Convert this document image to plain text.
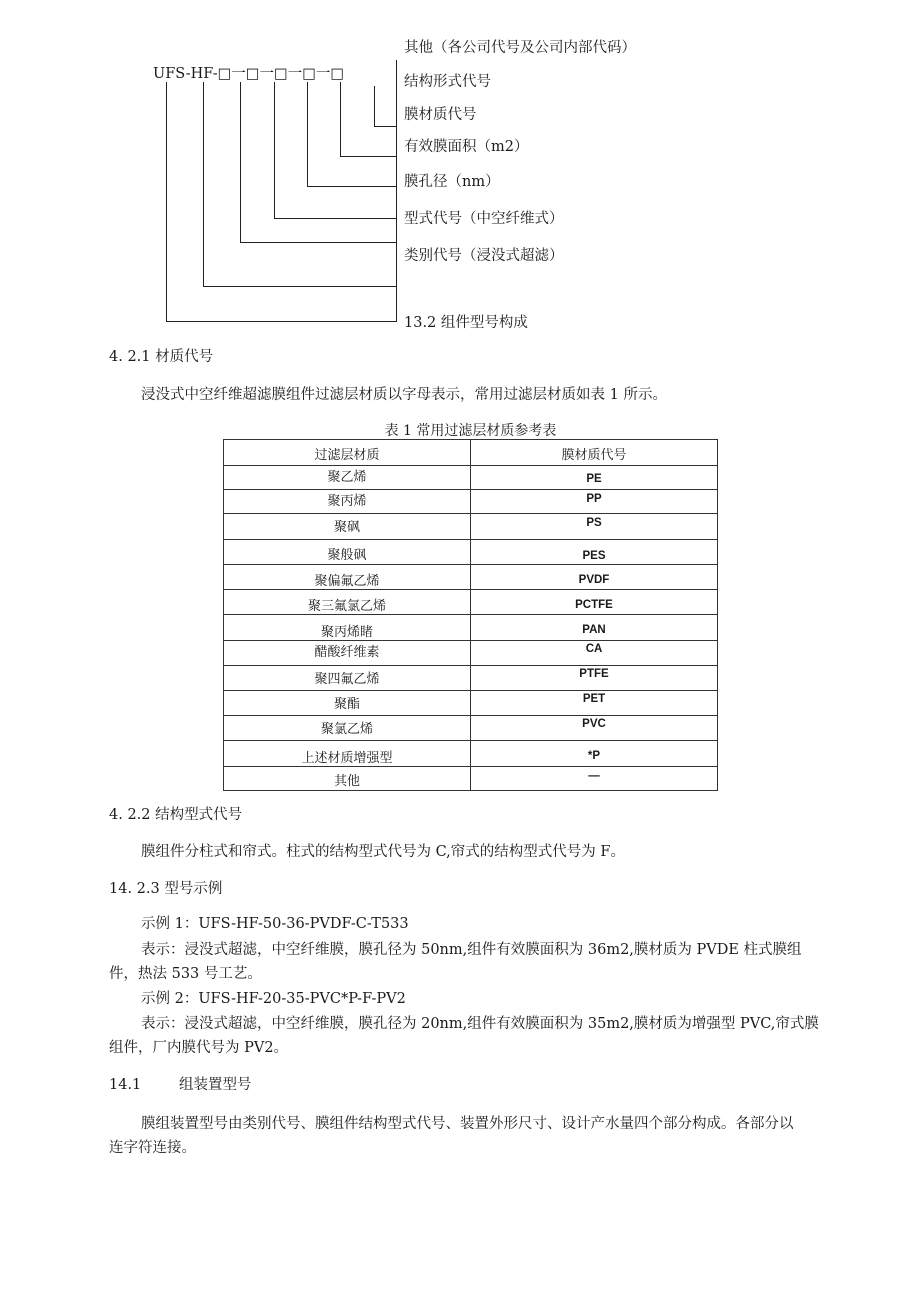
UFS-HF-□一□一□一□一□
其他（各公司代号及公司内部代码）
结构形式代号
膜材质代号
有效膜面积（m2）
膜孔径（nm）
型式代号（中空纤维式）
类别代号（浸没式超滤）
13.2 组件型号构成
4. 2.1 材质代号
浸没式中空纤维超滤膜组件过滤层材质以字母表示，常用过滤层材质如表 1 所示。
表 1 常用过滤层材质参考表
过滤层材质	膜材质代号
聚乙烯	PE
聚丙烯	PP
聚砜	PS
聚般砜	PES
聚偏氟乙烯	PVDF
聚三氟氯乙烯	PCTFE
聚丙烯睹	PAN
醋酸纤维素	CA
聚四氟乙烯	PTFE
聚酯	PET
聚氯乙烯	PVC
上述材质增强型	*P
其他	—
4. 2.2 结构型式代号
膜组件分柱式和帘式。柱式的结构型式代号为 C,帘式的结构型式代号为 F。
14. 2.3 型号示例
示例 1：UFS-HF-50-36-PVDF-C-T533
表示：浸没式超滤，中空纤维膜，膜孔径为 50nm,组件有效膜面积为 36m2,膜材质为 PVDE 柱式膜组
件，热法 533 号工艺。
示例 2：UFS-HF-20-35-PVC*P-F-PV2
表示：浸没式超滤，中空纤维膜，膜孔径为 20nm,组件有效膜面积为 35m2,膜材质为增强型 PVC,帘式膜
组件，厂内膜代号为 PV2。
14.1	组装置型号
膜组装置型号由类别代号、膜组件结构型式代号、装置外形尺寸、设计产水量四个部分构成。各部分以
连字符连接。
